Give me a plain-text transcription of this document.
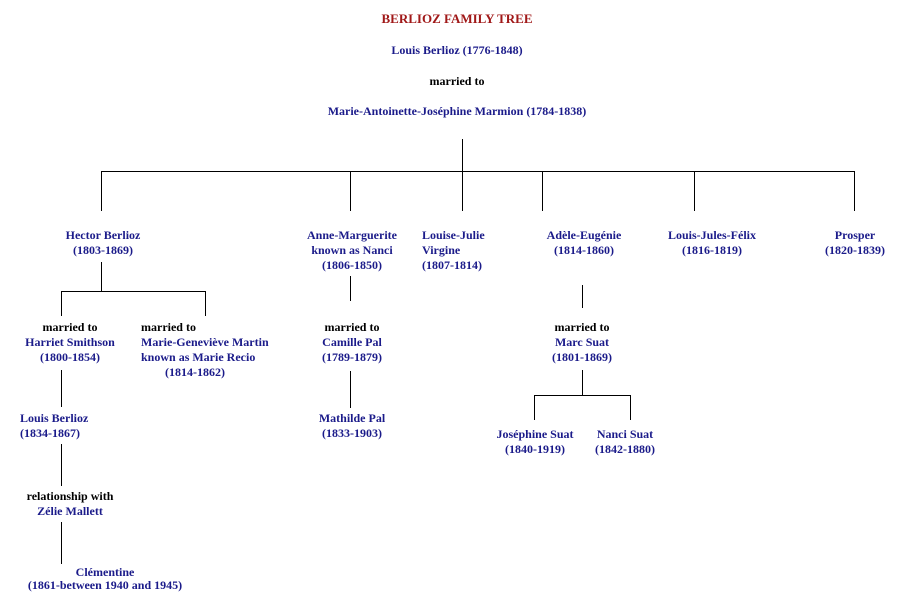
BERLIOZ FAMILY TREE
Louis Berlioz (1776-1848)
married to
Marie-Antoinette-Joséphine Marmion (1784-1838)
Hector Berlioz
(1803-1869)
Anne-Marguerite
known as Nanci
(1806-1850)
Louise-Julie
Virgine
(1807-1814)
Adèle-Eugénie
(1814-1860)
Louis-Jules-Félix
(1816-1819)
Prosper
(1820-1839)
married to
Harriet Smithson
(1800-1854)
married to
Marie-Geneviève Martin
known as Marie Recio
(1814-1862)
Louis Berlioz
(1834-1867)
relationship with
Zélie Mallett
Clémentine
(1861-between 1940 and 1945)
married to
Camille Pal
(1789-1879)
Mathilde Pal
(1833-1903)
married to
Marc Suat
(1801-1869)
Joséphine Suat
(1840-1919)
Nanci Suat
(1842-1880)
